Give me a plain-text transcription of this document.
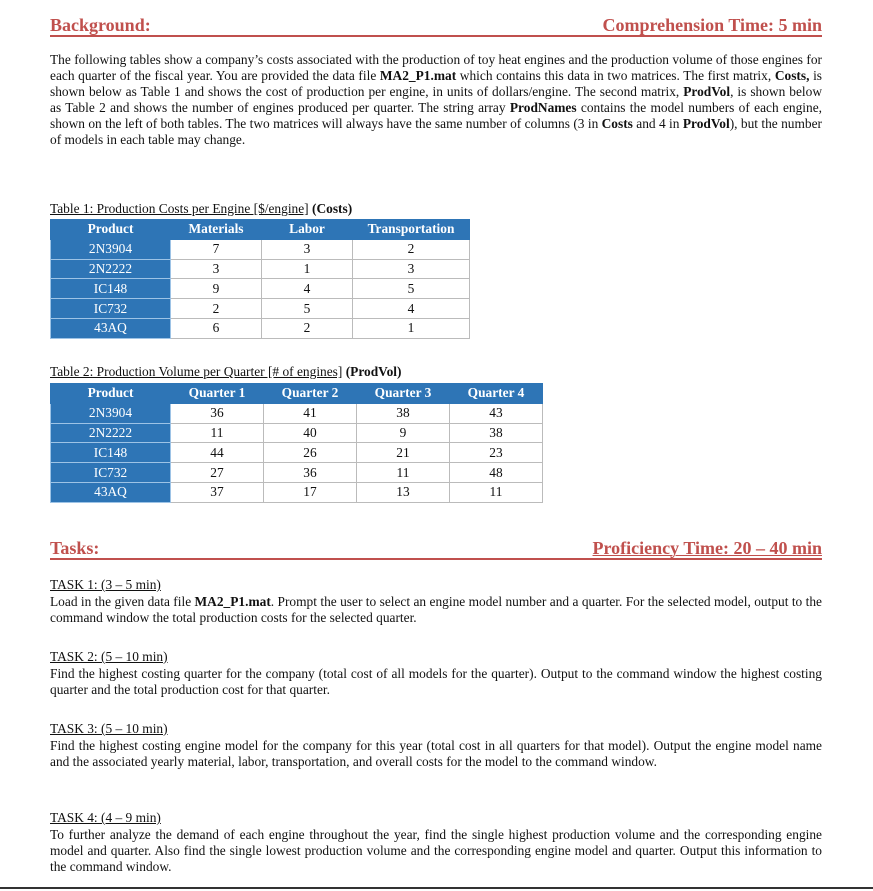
Background:	Comprehension Time: 5 min

The following tables show a company’s costs associated with the production of toy heat engines and the production volume of those engines for each quarter of the fiscal year. You are provided the data file MA2_P1.mat which contains this data in two matrices. The first matrix, Costs, is shown below as Table 1 and shows the cost of production per engine, in units of dollars/engine. The second matrix, ProdVol, is shown below as Table 2 and shows the number of engines produced per quarter. The string array ProdNames contains the model numbers of each engine, shown on the left of both tables. The two matrices will always have the same number of columns (3 in Costs and 4 in ProdVol), but the number of models in each table may change.

Table 1: Production Costs per Engine [$/engine] (Costs)

Product	Materials	Labor	Transportation
2N3904	7	3	2
2N2222	3	1	3
IC148	9	4	5
IC732	2	5	4
43AQ	6	2	1

Table 2: Production Volume per Quarter [# of engines] (ProdVol)

Product	Quarter 1	Quarter 2	Quarter 3	Quarter 4
2N3904	36	41	38	43
2N2222	11	40	9	38
IC148	44	26	21	23
IC732	27	36	11	48
43AQ	37	17	13	11
Tasks:	Proficiency Time: 20 – 40 min

TASK 1: (3 – 5 min)

Load in the given data file MA2_P1.mat. Prompt the user to select an engine model number and a quarter. For the selected model, output to the command window the total production costs for the selected quarter.

TASK 2: (5 – 10 min)

Find the highest costing quarter for the company (total cost of all models for the quarter). Output to the command window the highest costing quarter and the total production cost for that quarter.

TASK 3: (5 – 10 min)

Find the highest costing engine model for the company for this year (total cost in all quarters for that model). Output the engine model name and the associated yearly material, labor, transportation, and overall costs for the model to the command window.

TASK 4: (4 – 9 min)

To further analyze the demand of each engine throughout the year, find the single highest production volume and the corresponding engine model and quarter. Also find the single lowest production volume and the corresponding engine model and quarter. Output this information to the command window.
